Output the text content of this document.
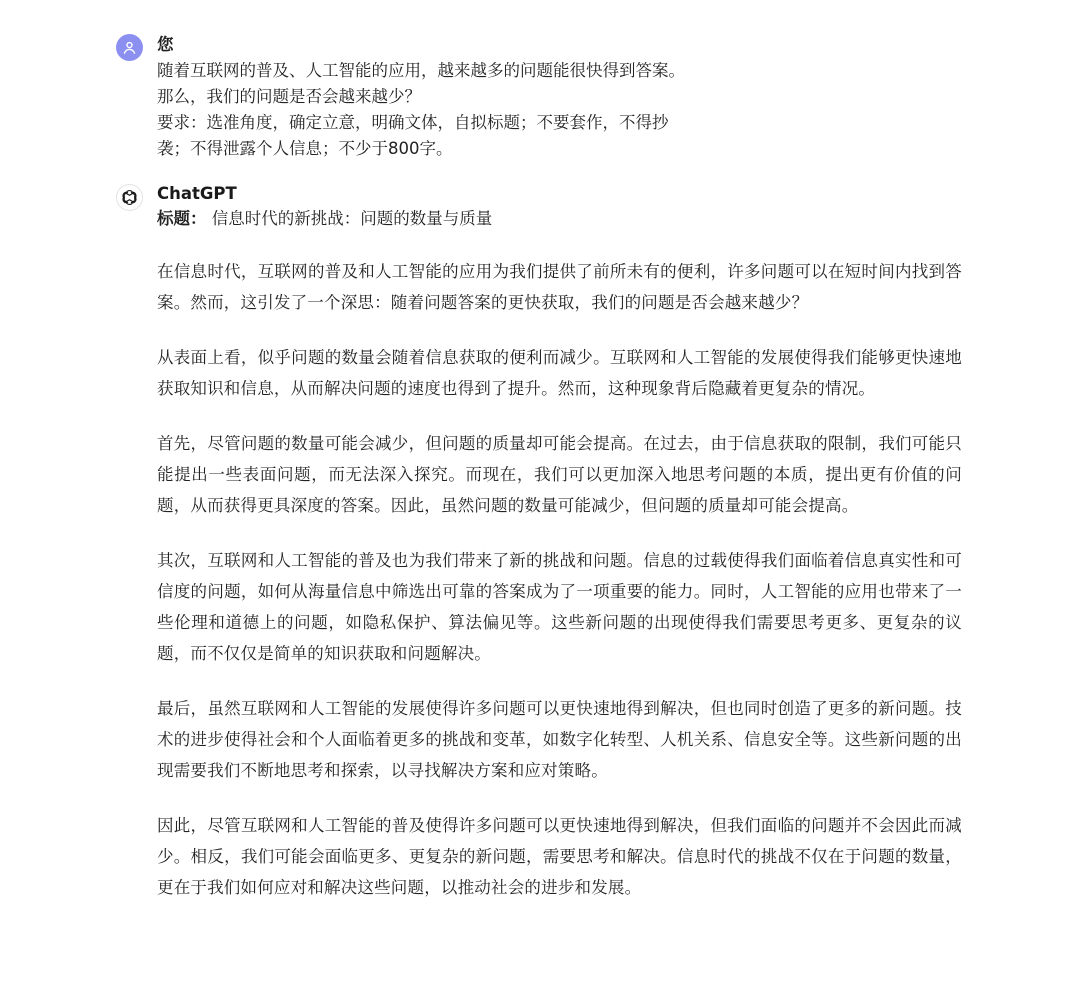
您

随着互联网的普及、人工智能的应用，越来越多的问题能很快得到答案。

那么，我们的问题是否会越来越少？

要求：选准角度，确定立意，明确文体，自拟标题；不要套作，不得抄

袭；不得泄露个人信息；不少于800字。

ChatGPT

标题： 信息时代的新挑战：问题的数量与质量

在信息时代，互联网的普及和人工智能的应用为我们提供了前所未有的便利，许多问题可以在短时间内找到答案。然而，这引发了一个深思：随着问题答案的更快获取，我们的问题是否会越来越少？

从表面上看，似乎问题的数量会随着信息获取的便利而减少。互联网和人工智能的发展使得我们能够更快速地获取知识和信息，从而解决问题的速度也得到了提升。然而，这种现象背后隐藏着更复杂的情况。

首先，尽管问题的数量可能会减少，但问题的质量却可能会提高。在过去，由于信息获取的限制，我们可能只能提出一些表面问题，而无法深入探究。而现在，我们可以更加深入地思考问题的本质，提出更有价值的问题，从而获得更具深度的答案。因此，虽然问题的数量可能减少，但问题的质量却可能会提高。

其次，互联网和人工智能的普及也为我们带来了新的挑战和问题。信息的过载使得我们面临着信息真实性和可信度的问题，如何从海量信息中筛选出可靠的答案成为了一项重要的能力。同时，人工智能的应用也带来了一些伦理和道德上的问题，如隐私保护、算法偏见等。这些新问题的出现使得我们需要思考更多、更复杂的议题，而不仅仅是简单的知识获取和问题解决。

最后，虽然互联网和人工智能的发展使得许多问题可以更快速地得到解决，但也同时创造了更多的新问题。技术的进步使得社会和个人面临着更多的挑战和变革，如数字化转型、人机关系、信息安全等。这些新问题的出现需要我们不断地思考和探索，以寻找解决方案和应对策略。

因此，尽管互联网和人工智能的普及使得许多问题可以更快速地得到解决，但我们面临的问题并不会因此而减少。相反，我们可能会面临更多、更复杂的新问题，需要思考和解决。信息时代的挑战不仅在于问题的数量，更在于我们如何应对和解决这些问题，以推动社会的进步和发展。
